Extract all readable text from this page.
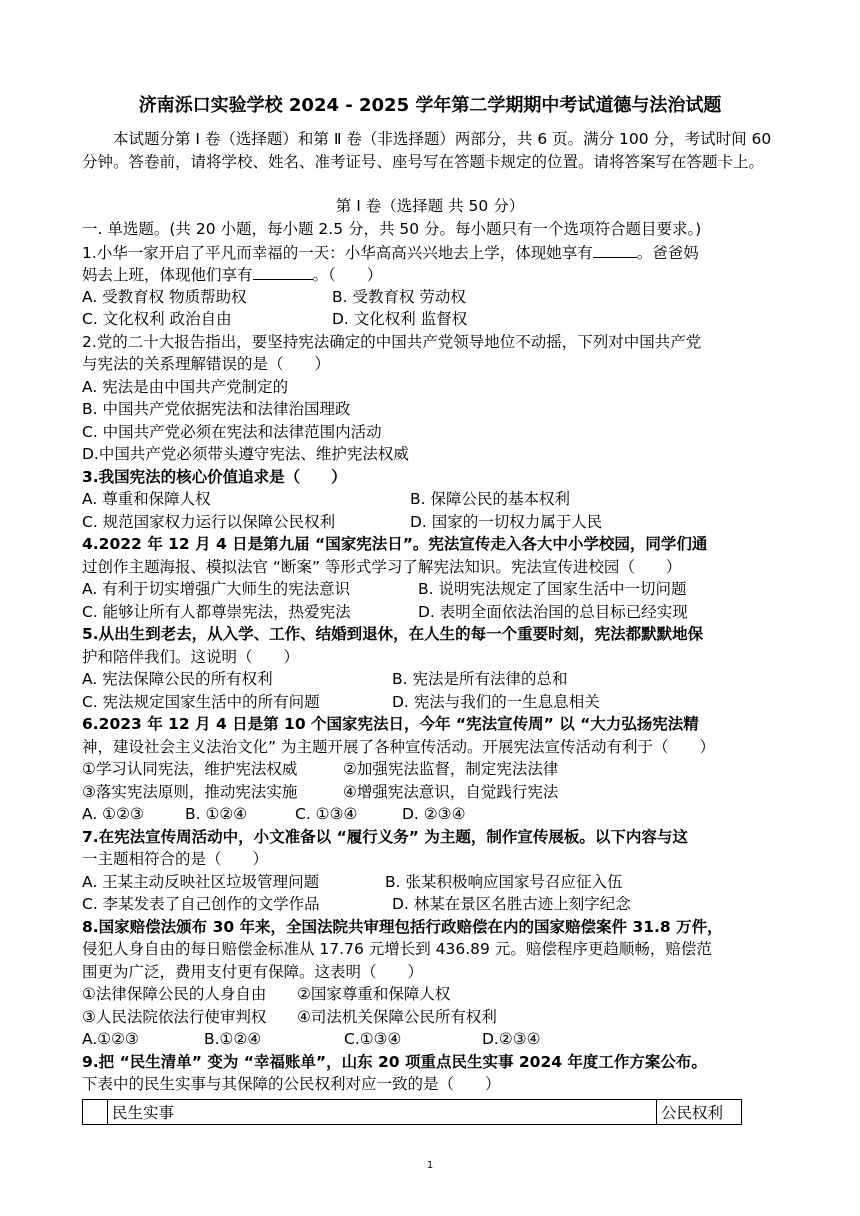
济南泺口实验学校 2024 - 2025 学年第二学期期中考试道德与法治试题
本试题分第 Ⅰ 卷（选择题）和第 Ⅱ 卷（非选择题）两部分，共 6 页。满分 100 分，考试时间 60 分钟。答卷前，请将学校、姓名、准考证号、座号写在答题卡规定的位置。请将答案写在答题卡上。
第 Ⅰ 卷（选择题 共 50 分）
一. 单选题。(共 20 小题，每小题 2.5 分，共 50 分。每小题只有一个选项符合题目要求。)
1.小华一家开启了平凡而幸福的一天：小华高高兴兴地去上学，体现她享有	。爸爸妈
妈去上班，体现他们享有	。（　　）
A. 受教育权 物质帮助权	B. 受教育权 劳动权
C. 文化权利 政治自由	D. 文化权利 监督权
2.党的二十大报告指出，要坚持宪法确定的中国共产党领导地位不动摇，下列对中国共产党
与宪法的关系理解错误的是（　　）
A. 宪法是由中国共产党制定的
B. 中国共产党依据宪法和法律治国理政
C. 中国共产党必须在宪法和法律范围内活动
D.中国共产党必须带头遵守宪法、维护宪法权威
3.我国宪法的核心价值追求是（　　）
A. 尊重和保障人权	B. 保障公民的基本权利
C. 规范国家权力运行以保障公民权利	D. 国家的一切权力属于人民
4.2022 年 12 月 4 日是第九届 “国家宪法日”。宪法宣传走入各大中小学校园，同学们通
过创作主题海报、模拟法官 “断案” 等形式学习了解宪法知识。宪法宣传进校园（　　）
A. 有利于切实增强广大师生的宪法意识	B. 说明宪法规定了国家生活中一切问题
C. 能够让所有人都尊崇宪法，热爱宪法	D. 表明全面依法治国的总目标已经实现
5.从出生到老去，从入学、工作、结婚到退休，在人生的每一个重要时刻，宪法都默默地保
护和陪伴我们。这说明（　　）
A. 宪法保障公民的所有权利	B. 宪法是所有法律的总和
C. 宪法规定国家生活中的所有问题	D. 宪法与我们的一生息息相关
6.2023 年 12 月 4 日是第 10 个国家宪法日，今年 “宪法宣传周” 以 “大力弘扬宪法精
神，建设社会主义法治文化” 为主题开展了各种宣传活动。开展宪法宣传活动有利于（　　）
①学习认同宪法，维护宪法权威	②加强宪法监督，制定宪法法律
③落实宪法原则，推动宪法实施	④增强宪法意识，自觉践行宪法
A. ①②③	B. ①②④	C. ①③④	D. ②③④
7.在宪法宣传周活动中，小文准备以 “履行义务” 为主题，制作宣传展板。以下内容与这
一主题相符合的是（　　）
A. 王某主动反映社区垃圾管理问题	B. 张某积极响应国家号召应征入伍
C. 李某发表了自己创作的文学作品	D. 林某在景区名胜古迹上刻字纪念
8.国家赔偿法颁布 30 年来，全国法院共审理包括行政赔偿在内的国家赔偿案件 31.8 万件，
侵犯人身自由的每日赔偿金标准从 17.76 元增长到 436.89 元。赔偿程序更趋顺畅，赔偿范
围更为广泛，费用支付更有保障。这表明（　　）
①法律保障公民的人身自由 ②国家尊重和保障人权
③人民法院依法行使审判权 ④司法机关保障公民所有权利
A.①②③	B.①②④	C.①③④	D.②③④
9.把 “民生清单” 变为 “幸福账单”，山东 20 项重点民生实事 2024 年度工作方案公布。
下表中的民生实事与其保障的公民权利对应一致的是（　　）
	民生实事	公民权利
1
